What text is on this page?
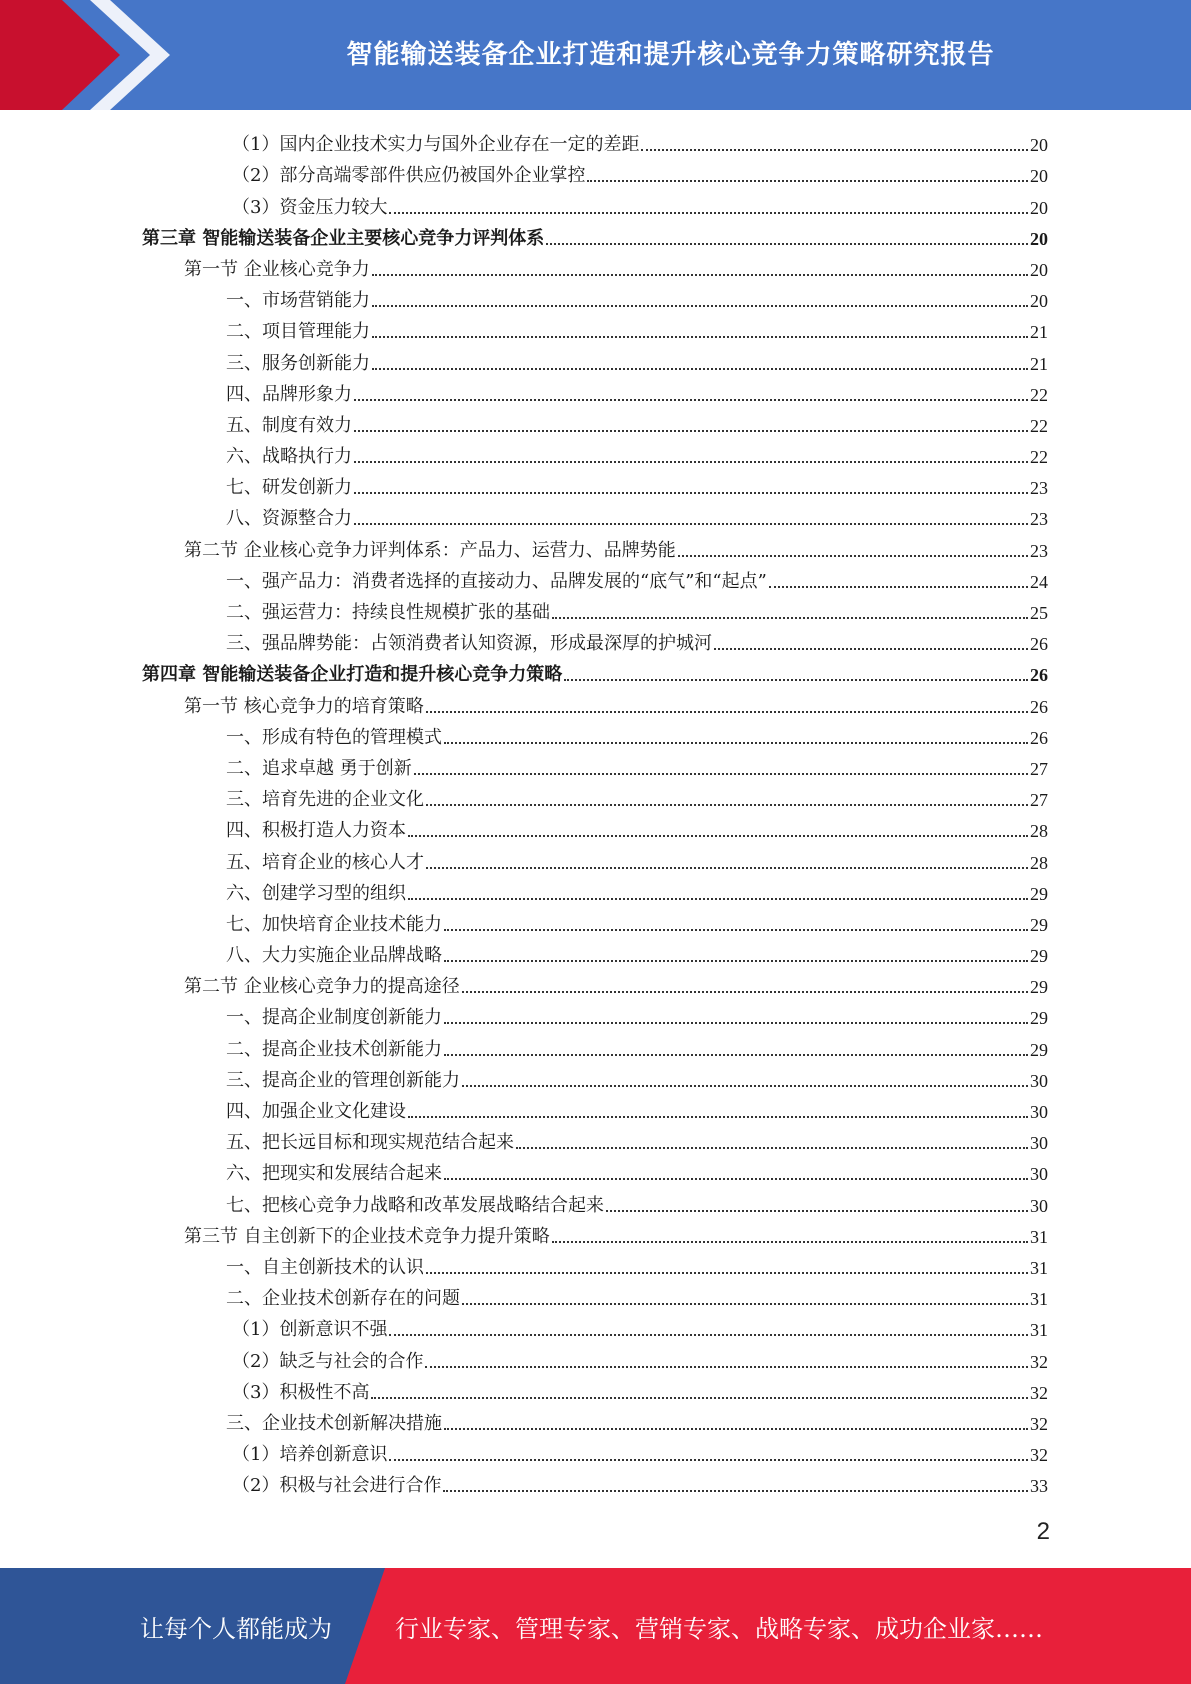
智能输送装备企业打造和提升核心竞争力策略研究报告
（1）国内企业技术实力与国外企业存在一定的差距	20
（2）部分高端零部件供应仍被国外企业掌控	20
（3）资金压力较大	20
第三章 智能输送装备企业主要核心竞争力评判体系	20
第一节 企业核心竞争力	20
一、市场营销能力	20
二、项目管理能力	21
三、服务创新能力	21
四、品牌形象力	22
五、制度有效力	22
六、战略执行力	22
七、研发创新力	23
八、资源整合力	23
第二节 企业核心竞争力评判体系：产品力、运营力、品牌势能	23
一、强产品力：消费者选择的直接动力、品牌发展的“底气”和“起点”	24
二、强运营力：持续良性规模扩张的基础	25
三、强品牌势能：占领消费者认知资源，形成最深厚的护城河	26
第四章 智能输送装备企业打造和提升核心竞争力策略	26
第一节 核心竞争力的培育策略	26
一、形成有特色的管理模式	26
二、追求卓越 勇于创新	27
三、培育先进的企业文化	27
四、积极打造人力资本	28
五、培育企业的核心人才	28
六、创建学习型的组织	29
七、加快培育企业技术能力	29
八、大力实施企业品牌战略	29
第二节 企业核心竞争力的提高途径	29
一、提高企业制度创新能力	29
二、提高企业技术创新能力	29
三、提高企业的管理创新能力	30
四、加强企业文化建设	30
五、把长远目标和现实规范结合起来	30
六、把现实和发展结合起来	30
七、把核心竞争力战略和改革发展战略结合起来	30
第三节 自主创新下的企业技术竞争力提升策略	31
一、自主创新技术的认识	31
二、企业技术创新存在的问题	31
（1）创新意识不强	31
（2）缺乏与社会的合作	32
（3）积极性不高	32
三、企业技术创新解决措施	32
（1）培养创新意识	32
（2）积极与社会进行合作	33
2
让每个人都能成为	行业专家、管理专家、营销专家、战略专家、成功企业家……
